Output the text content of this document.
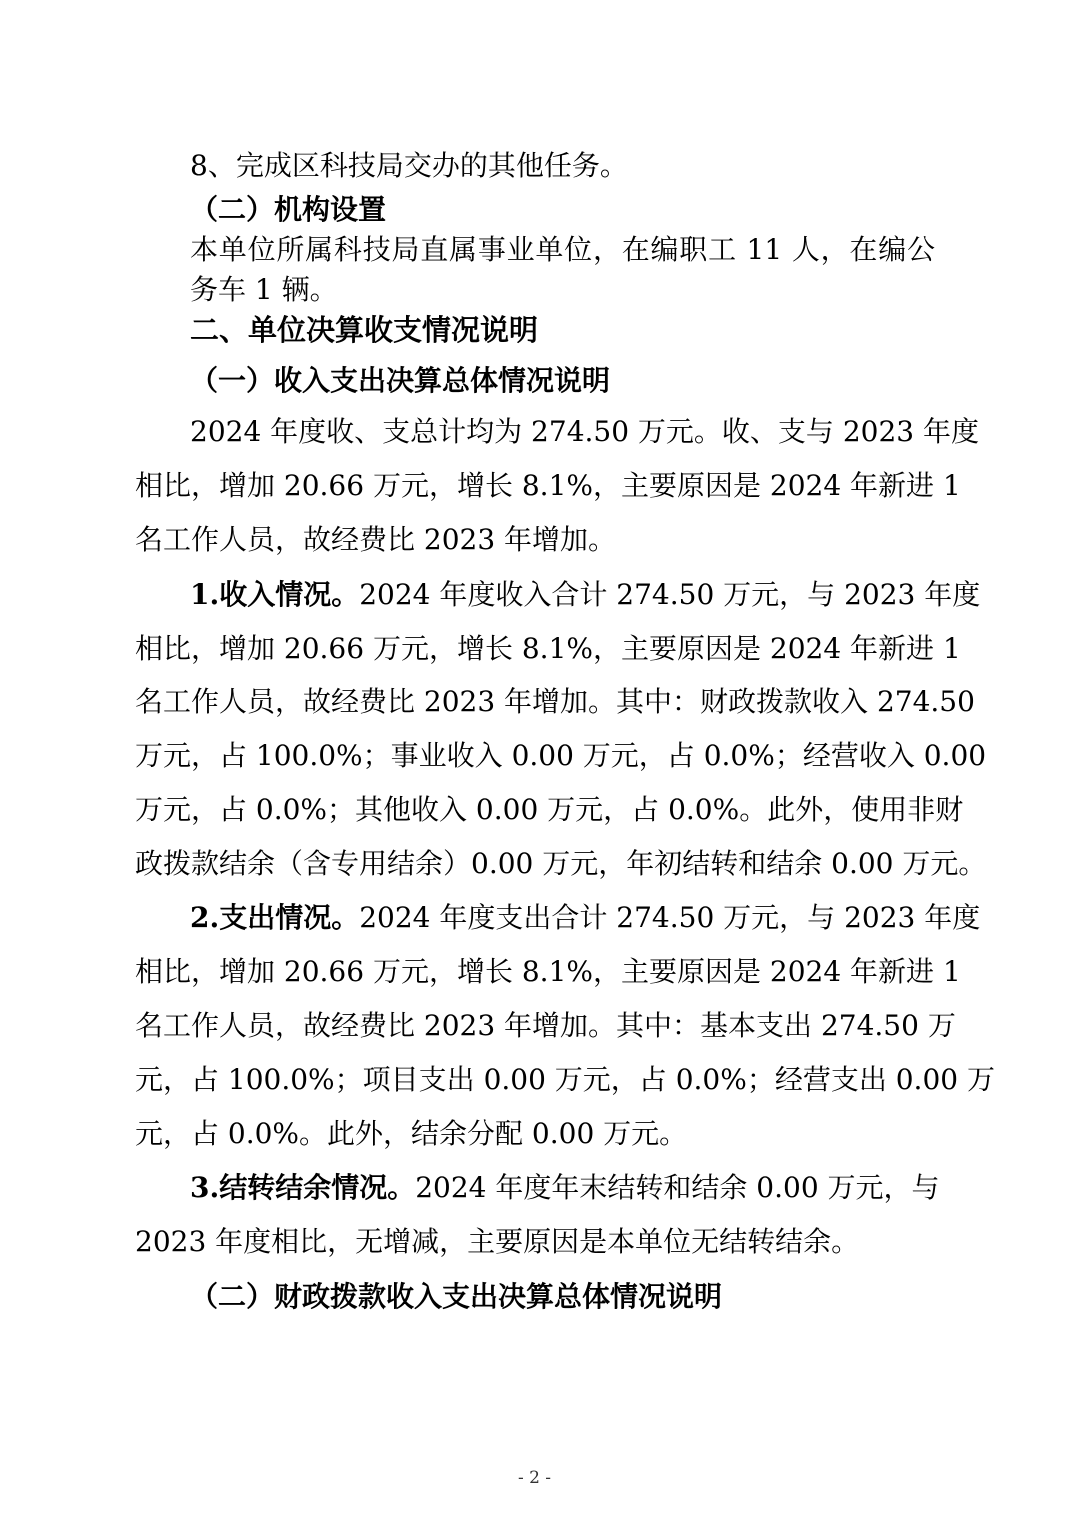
8、完成区科技局交办的其他任务。
（二）机构设置
本单位所属科技局直属事业单位，在编职工 11 人，在编公
务车 1 辆。
二、单位决算收支情况说明
（一）收入支出决算总体情况说明
2024 年度收、支总计均为 274.50 万元。收、支与 2023 年度
相比，增加 20.66 万元，增长 8.1%，主要原因是 2024 年新进 1
名工作人员，故经费比 2023 年增加。
1.收入情况。 2024 年度收入合计 274.50 万元，与 2023 年度
相比，增加 20.66 万元，增长 8.1%，主要原因是 2024 年新进 1
名工作人员，故经费比 2023 年增加。其中：财政拨款收入 274.50
万元，占 100.0%；事业收入 0.00 万元，占 0.0%；经营收入 0.00
万元，占 0.0%；其他收入 0.00 万元，占 0.0%。此外，使用非财
政拨款结余（含专用结余）0.00 万元，年初结转和结余 0.00 万元。
2.支出情况。 2024 年度支出合计 274.50 万元，与 2023 年度
相比，增加 20.66 万元，增长 8.1%，主要原因是 2024 年新进 1
名工作人员，故经费比 2023 年增加。其中：基本支出 274.50 万
元，占 100.0%；项目支出 0.00 万元，占 0.0%；经营支出 0.00 万
元，占 0.0%。此外，结余分配 0.00 万元。
3.结转结余情况。 2024 年度年末结转和结余 0.00 万元，与
2023 年度相比，无增减，主要原因是本单位无结转结余。
（二）财政拨款收入支出决算总体情况说明
- 2 -
